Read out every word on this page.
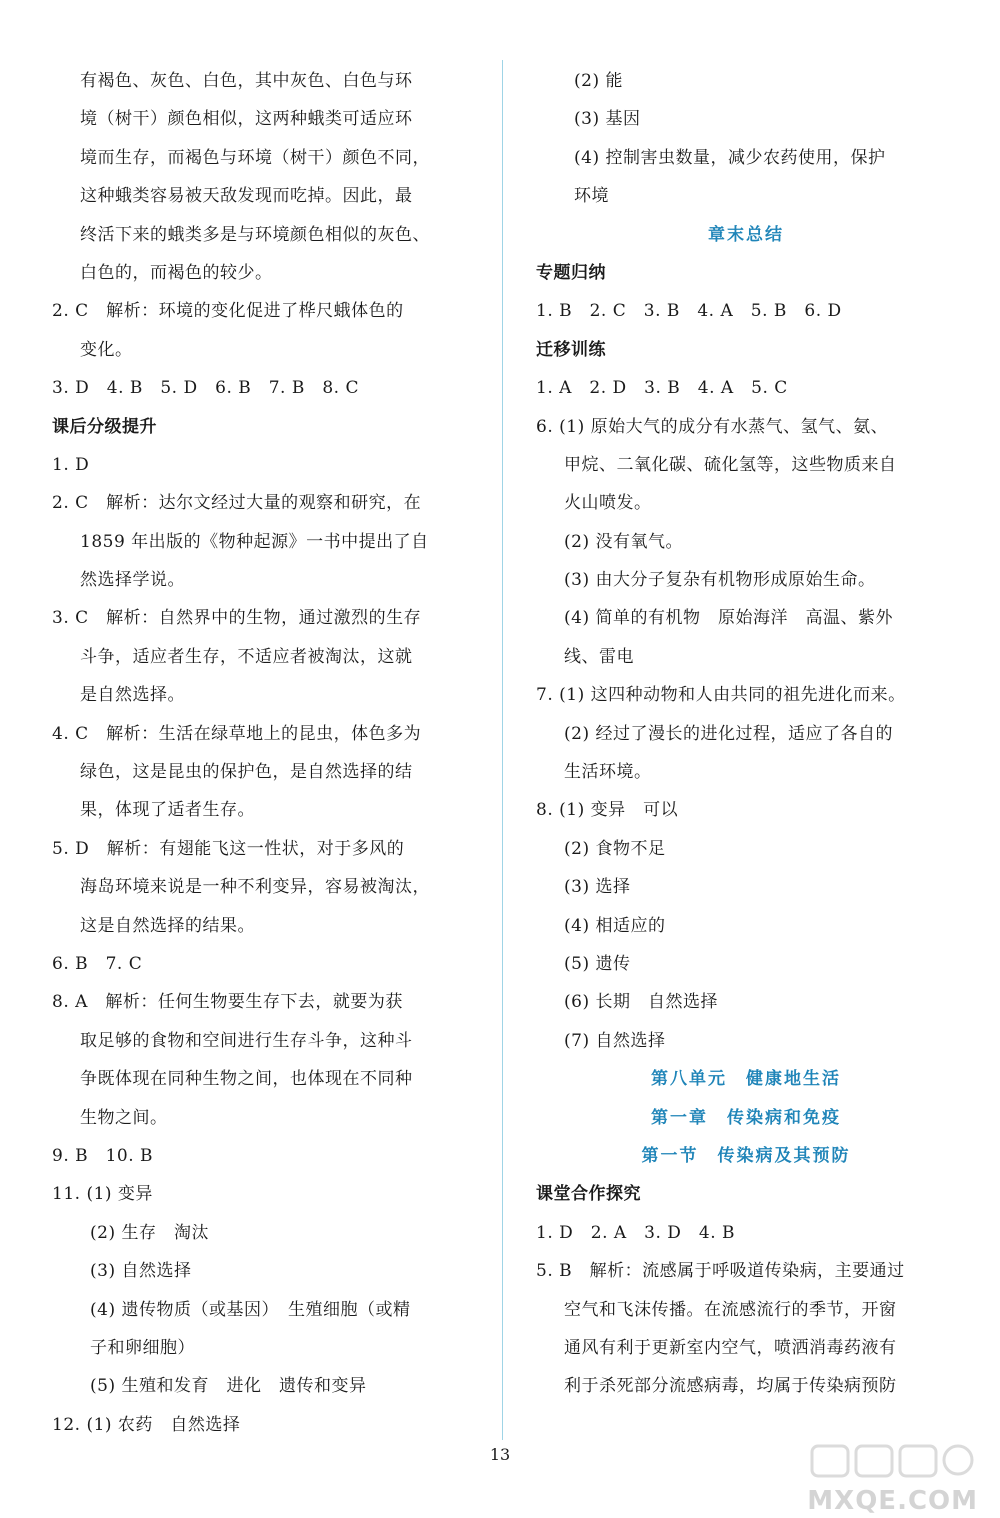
有褐色、灰色、白色，其中灰色、白色与环
境（树干）颜色相似，这两种蛾类可适应环
境而生存，而褐色与环境（树干）颜色不同，
这种蛾类容易被天敌发现而吃掉。因此，最
终活下来的蛾类多是与环境颜色相似的灰色、
白色的，而褐色的较少。
2. C　解析：环境的变化促进了桦尺蛾体色的
变化。
3. D　4. B　5. D　6. B　7. B　8. C
课后分级提升
1. D
2. C　解析：达尔文经过大量的观察和研究，在
1859 年出版的《物种起源》一书中提出了自
然选择学说。
3. C　解析：自然界中的生物，通过激烈的生存
斗争，适应者生存，不适应者被淘汰，这就
是自然选择。
4. C　解析：生活在绿草地上的昆虫，体色多为
绿色，这是昆虫的保护色，是自然选择的结
果，体现了适者生存。
5. D　解析：有翅能飞这一性状，对于多风的
海岛环境来说是一种不利变异，容易被淘汰，
这是自然选择的结果。
6. B　7. C
8. A　解析：任何生物要生存下去，就要为获
取足够的食物和空间进行生存斗争，这种斗
争既体现在同种生物之间，也体现在不同种
生物之间。
9. B　10. B
11. (1) 变异
(2) 生存　淘汰
(3) 自然选择
(4) 遗传物质（或基因）　生殖细胞（或精
子和卵细胞）
(5) 生殖和发育　进化　遗传和变异
12. (1) 农药　自然选择
(2) 能
(3) 基因
(4) 控制害虫数量，减少农药使用，保护
环境
章末总结
专题归纳
1. B　2. C　3. B　4. A　5. B　6. D
迁移训练
1. A　2. D　3. B　4. A　5. C
6. (1) 原始大气的成分有水蒸气、氢气、氨、
甲烷、二氧化碳、硫化氢等，这些物质来自
火山喷发。
(2) 没有氧气。
(3) 由大分子复杂有机物形成原始生命。
(4) 简单的有机物　原始海洋　高温、紫外
线、雷电
7. (1) 这四种动物和人由共同的祖先进化而来。
(2) 经过了漫长的进化过程，适应了各自的
生活环境。
8. (1) 变异　可以
(2) 食物不足
(3) 选择
(4) 相适应的
(5) 遗传
(6) 长期　自然选择
(7) 自然选择
第八单元　健康地生活
第一章　传染病和免疫
第一节　传染病及其预防
课堂合作探究
1. D　2. A　3. D　4. B
5. B　解析：流感属于呼吸道传染病，主要通过
空气和飞沫传播。在流感流行的季节，开窗
通风有利于更新室内空气，喷洒消毒药液有
利于杀死部分流感病毒，均属于传染病预防
13
MXQE.COM
